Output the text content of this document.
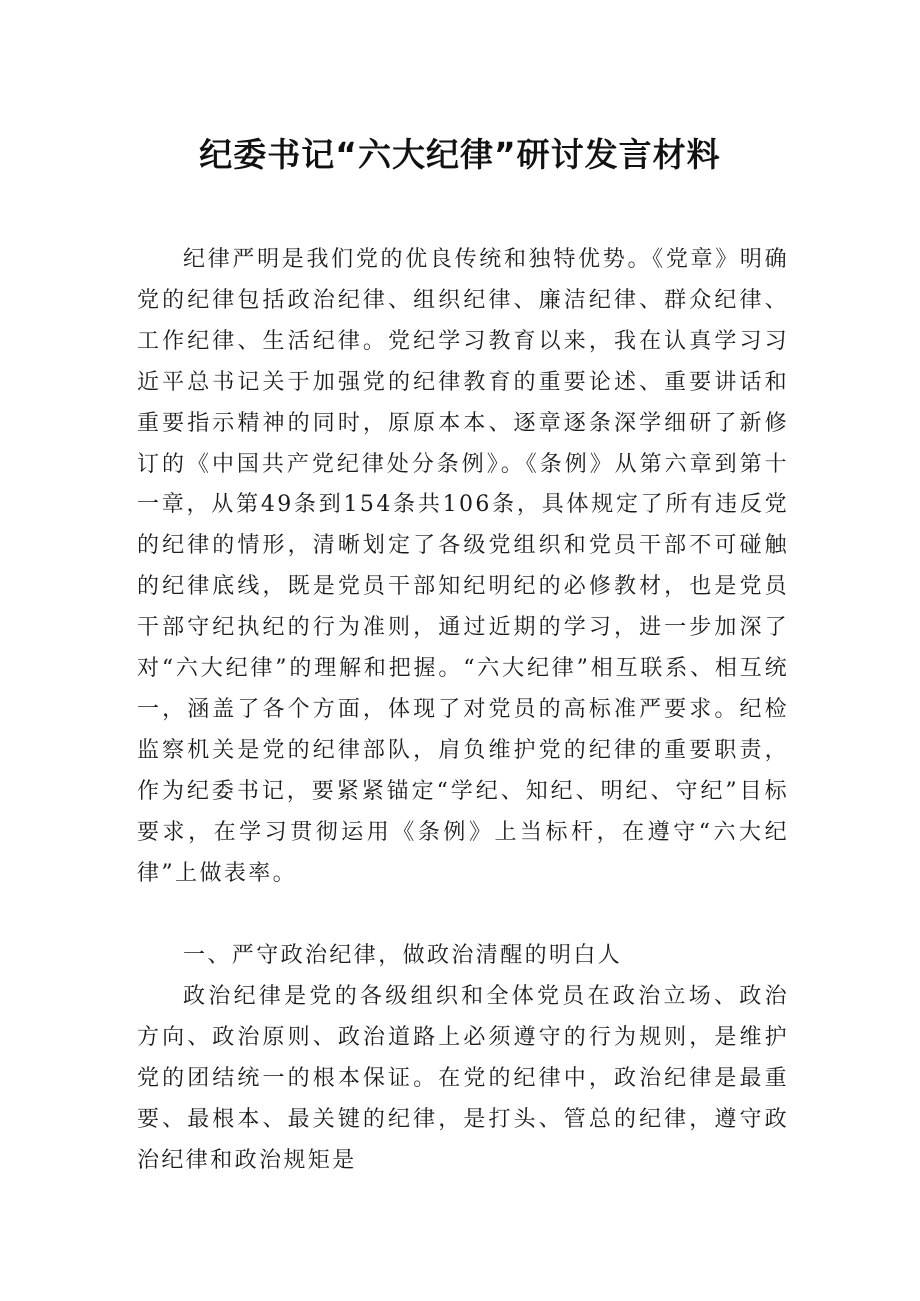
纪委书记“六大纪律”研讨发言材料

纪律严明是我们党的优良传统和独特优势。《党章》明确党的纪律包括政治纪律、组织纪律、廉洁纪律、群众纪律、工作纪律、生活纪律。党纪学习教育以来，我在认真学习习近平总书记关于加强党的纪律教育的重要论述、重要讲话和重要指示精神的同时，原原本本、逐章逐条深学细研了新修订的《中国共产党纪律处分条例》。《条例》从第六章到第十一章，从第49条到154条共106条，具体规定了所有违反党的纪律的情形，清晰划定了各级党组织和党员干部不可碰触的纪律底线，既是党员干部知纪明纪的必修教材，也是党员干部守纪执纪的行为准则，通过近期的学习，进一步加深了对“六大纪律”的理解和把握。“六大纪律”相互联系、相互统一，涵盖了各个方面，体现了对党员的高标准严要求。纪检监察机关是党的纪律部队，肩负维护党的纪律的重要职责，作为纪委书记，要紧紧锚定“学纪、知纪、明纪、守纪”目标要求，在学习贯彻运用《条例》上当标杆，在遵守“六大纪律”上做表率。

一、严守政治纪律，做政治清醒的明白人

政治纪律是党的各级组织和全体党员在政治立场、政治方向、政治原则、政治道路上必须遵守的行为规则，是维护党的团结统一的根本保证。在党的纪律中，政治纪律是最重要、最根本、最关键的纪律，是打头、管总的纪律，遵守政治纪律和政治规矩是
